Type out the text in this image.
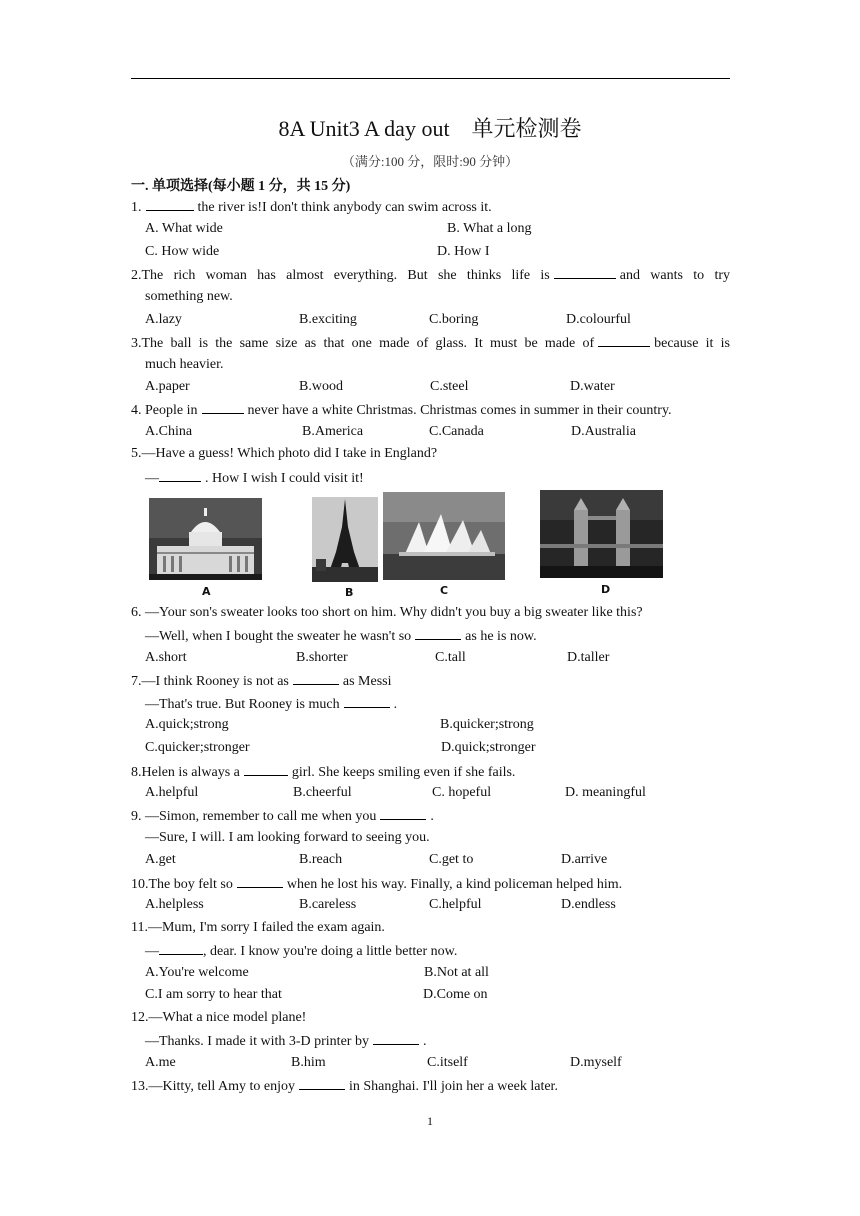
8A Unit3 A day out　单元检测卷
（满分:100 分，限时:90 分钟）
一. 单项选择(每小题 1 分，共 15 分)
1.	the river is!I don't think anybody can swim across it.
A. What wide	B. What a long
C. How wide	D. How I
2.The rich woman has almost everything. But she thinks life is	and wants to try
something new.
A.lazy	B.exciting	C.boring	D.colourful
3.The ball is the same size as that one made of glass. It must be made of	because it is
much heavier.
A.paper	B.wood	C.steel	D.water
4. People in	never have a white Christmas. Christmas comes in summer in their country.
A.China	B.America	C.Canada	D.Australia
5.—Have a guess! Which photo did I take in England?
—	. How I wish I could visit it!
A	B	C	D
6. —Your son's sweater looks too short on him. Why didn't you buy a big sweater like this?
—Well, when I bought the sweater he wasn't so	as he is now.
A.short	B.shorter	C.tall	D.taller
7.—I think Rooney is not as	as Messi
—That's true. But Rooney is much	.
A.quick;strong	B.quicker;strong
C.quicker;stronger	D.quick;stronger
8.Helen is always a	girl. She keeps smiling even if she fails.
A.helpful	B.cheerful	C. hopeful	D. meaningful
9. —Simon, remember to call me when you	.
—Sure, I will. I am looking forward to seeing you.
A.get	B.reach	C.get to	D.arrive
10.The boy felt so	when he lost his way. Finally, a kind policeman helped him.
A.helpless	B.careless	C.helpful	D.endless
11.—Mum, I'm sorry I failed the exam again.
—	, dear. I know you're doing a little better now.
A.You're welcome	B.Not at all
C.I am sorry to hear that	D.Come on
12.—What a nice model plane!
—Thanks. I made it with 3-D printer by	.
A.me	B.him	C.itself	D.myself
13.—Kitty, tell Amy to enjoy	in Shanghai. I'll join her a week later.
1
